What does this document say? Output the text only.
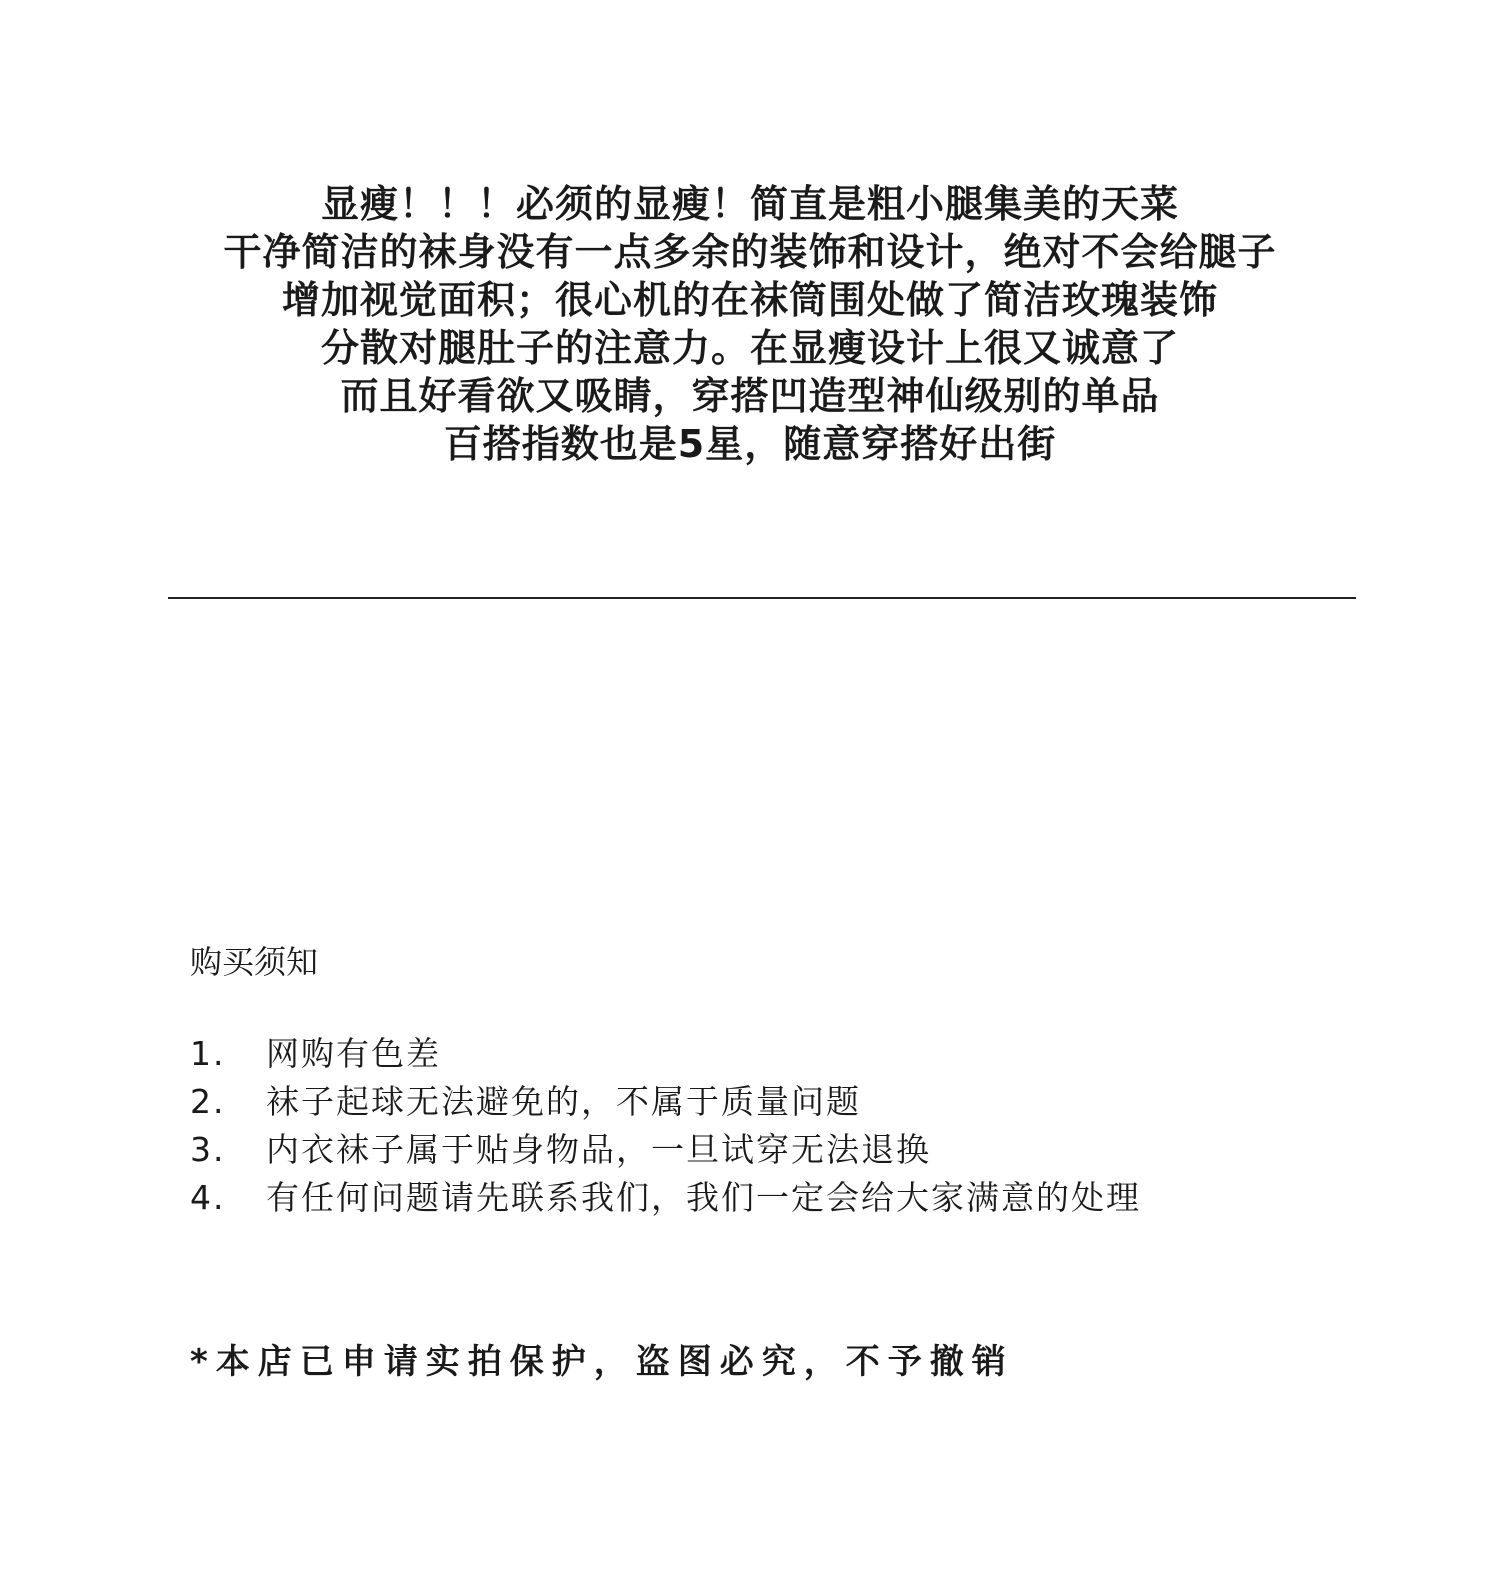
显瘦！！！必须的显瘦！简直是粗小腿集美的天菜
干净简洁的袜身没有一点多余的装饰和设计，绝对不会给腿子
增加视觉面积；很心机的在袜筒围处做了简洁玫瑰装饰
分散对腿肚子的注意力。在显瘦设计上很又诚意了
而且好看欲又吸睛，穿搭凹造型神仙级别的单品
百搭指数也是5星，随意穿搭好出街
购买须知
1.	网购有色差
2.	袜子起球无法避免的，不属于质量问题
3.	内衣袜子属于贴身物品，一旦试穿无法退换
4.	有任何问题请先联系我们，我们一定会给大家满意的处理
*本店已申请实拍保护，盗图必究，不予撤销
